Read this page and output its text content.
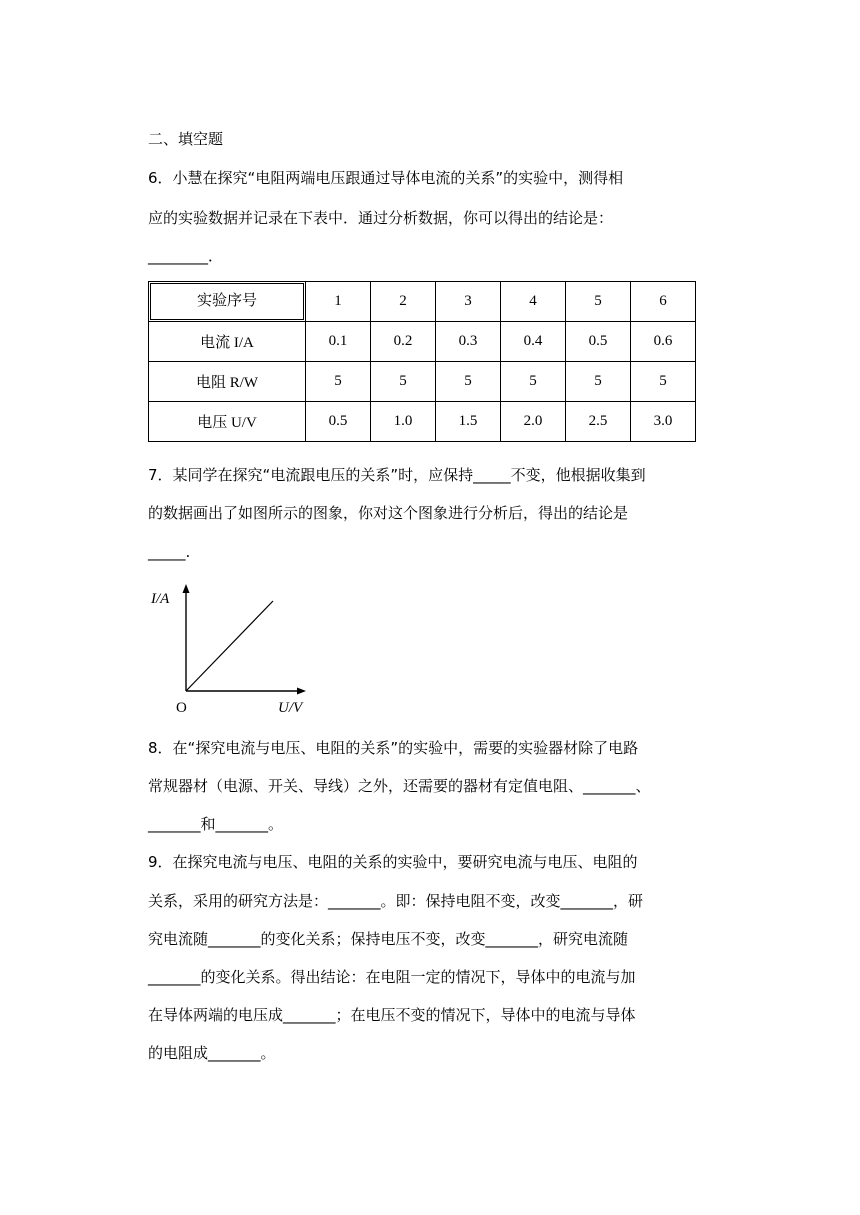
二、填空题
6．小慧在探究“电阻两端电压跟通过导体电流的关系”的实验中，测得相
应的实验数据并记录在下表中．通过分析数据，你可以得出的结论是：
________．
实验序号	1	2	3	4	5	6
电流 I/A	0.1	0.2	0.3	0.4	0.5	0.6
电阻 R/W	5	5	5	5	5	5
电压 U/V	0.5	1.0	1.5	2.0	2.5	3.0
7．某同学在探究“电流跟电压的关系”时，应保持_____不变，他根据收集到
的数据画出了如图所示的图象，你对这个图象进行分析后，得出的结论是
_____.
I/A
U/V
O
8．在“探究电流与电压、电阻的关系”的实验中，需要的实验器材除了电路
常规器材（电源、开关、导线）之外，还需要的器材有定值电阻、_______、
_______和_______。
9．在探究电流与电压、电阻的关系的实验中，要研究电流与电压、电阻的
关系，采用的研究方法是：_______。即：保持电阻不变，改变_______，研
究电流随_______的变化关系；保持电压不变，改变_______，研究电流随
_______的变化关系。得出结论：在电阻一定的情况下，导体中的电流与加
在导体两端的电压成_______；在电压不变的情况下，导体中的电流与导体
的电阻成_______。
